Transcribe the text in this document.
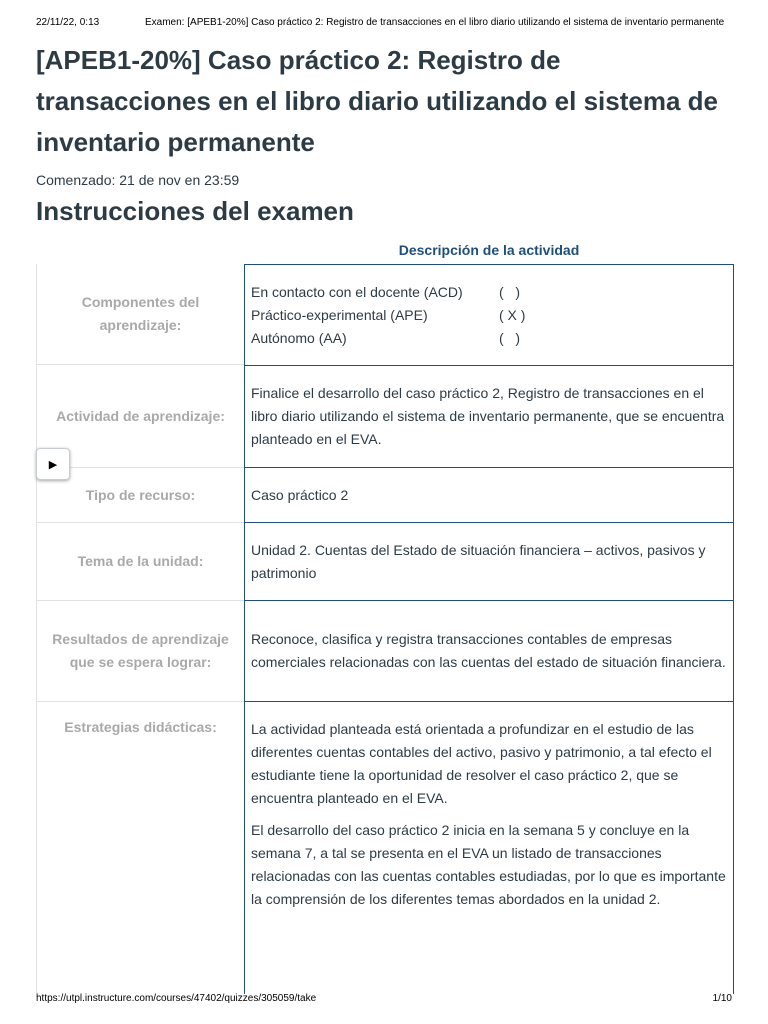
22/11/22, 0:13	Examen: [APEB1-20%] Caso práctico 2: Registro de transacciones en el libro diario utilizando el sistema de inventario permanente
[APEB1-20%] Caso práctico 2: Registro de transacciones en el libro diario utilizando el sistema de inventario permanente
Comenzado: 21 de nov en 23:59
Instrucciones del examen
Descripción de la actividad
Componentes del aprendizaje:
En contacto con el docente (ACD)	(   )
Práctico-experimental (APE)	( X )
Autónomo (AA)	(   )
Actividad de aprendizaje:
Finalice el desarrollo del caso práctico 2, Registro de transacciones en el libro diario utilizando el sistema de inventario permanente, que se encuentra planteado en el EVA.
Tipo de recurso:	Caso práctico 2
Tema de la unidad:
Unidad 2. Cuentas del Estado de situación financiera – activos, pasivos y patrimonio
Resultados de aprendizaje que se espera lograr:
Reconoce, clasifica y registra transacciones contables de empresas comerciales relacionadas con las cuentas del estado de situación financiera.
Estrategias didácticas:	La actividad planteada está orientada a profundizar en el estudio de las diferentes cuentas contables del activo, pasivo y patrimonio, a tal efecto el estudiante tiene la oportunidad de resolver el caso práctico 2, que se encuentra planteado en el EVA.

El desarrollo del caso práctico 2 inicia en la semana 5 y concluye en la semana 7, a tal se presenta en el EVA un listado de transacciones relacionadas con las cuentas contables estudiadas, por lo que es importante la comprensión de los diferentes temas abordados en la unidad 2.

▶
https://utpl.instructure.com/courses/47402/quizzes/305059/take	1/10
